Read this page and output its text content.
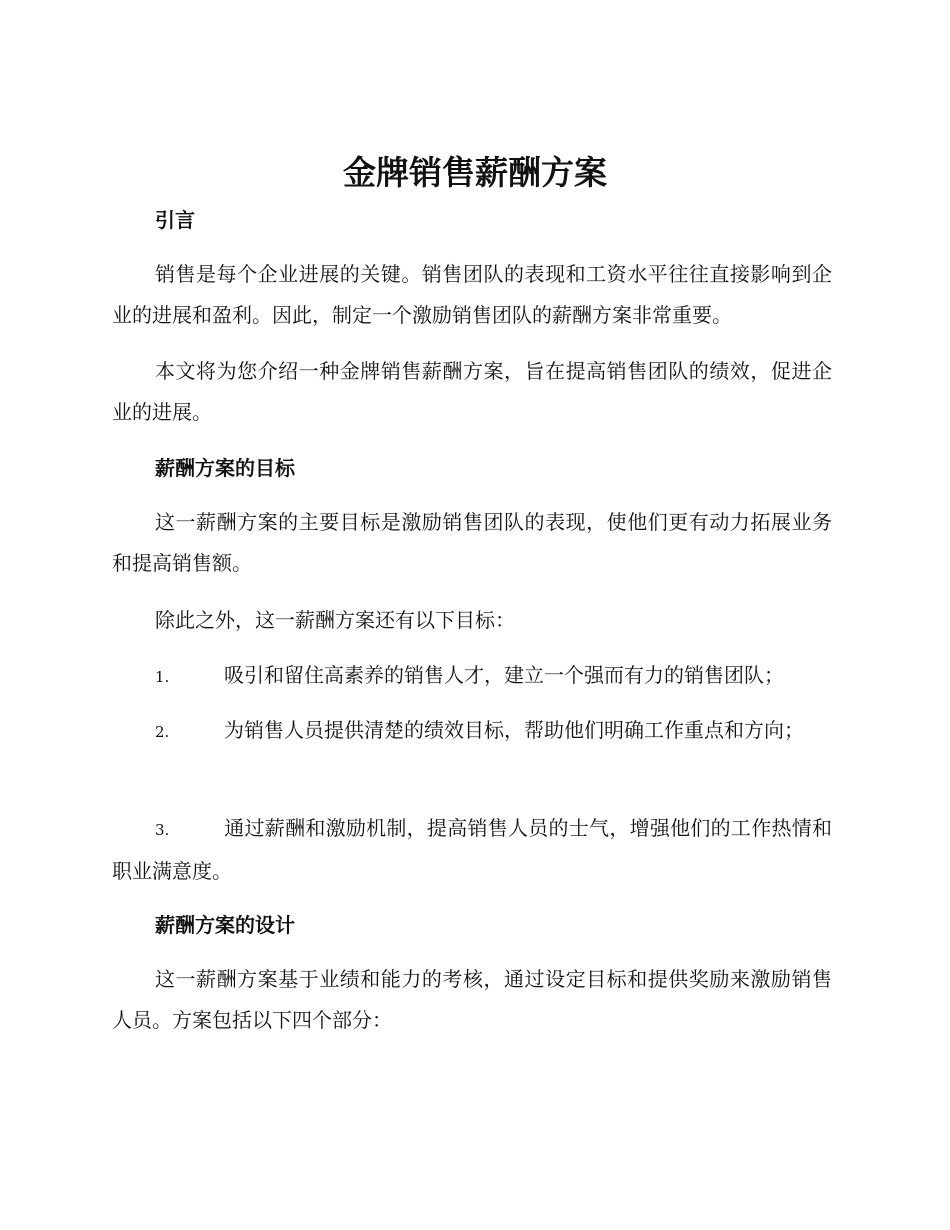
金牌销售薪酬方案
引言
销售是每个企业进展的关键。销售团队的表现和工资水平往往直接影响到企业的进展和盈利。因此，制定一个激励销售团队的薪酬方案非常重要。
本文将为您介绍一种金牌销售薪酬方案，旨在提高销售团队的绩效，促进企业的进展。
薪酬方案的目标
这一薪酬方案的主要目标是激励销售团队的表现，使他们更有动力拓展业务和提高销售额。
除此之外，这一薪酬方案还有以下目标：
1.	吸引和留住高素养的销售人才，建立一个强而有力的销售团队；
2.	为销售人员提供清楚的绩效目标，帮助他们明确工作重点和方向；
3.	通过薪酬和激励机制，提高销售人员的士气，增强他们的工作热情和职业满意度。
薪酬方案的设计
这一薪酬方案基于业绩和能力的考核，通过设定目标和提供奖励来激励销售人员。方案包括以下四个部分：
